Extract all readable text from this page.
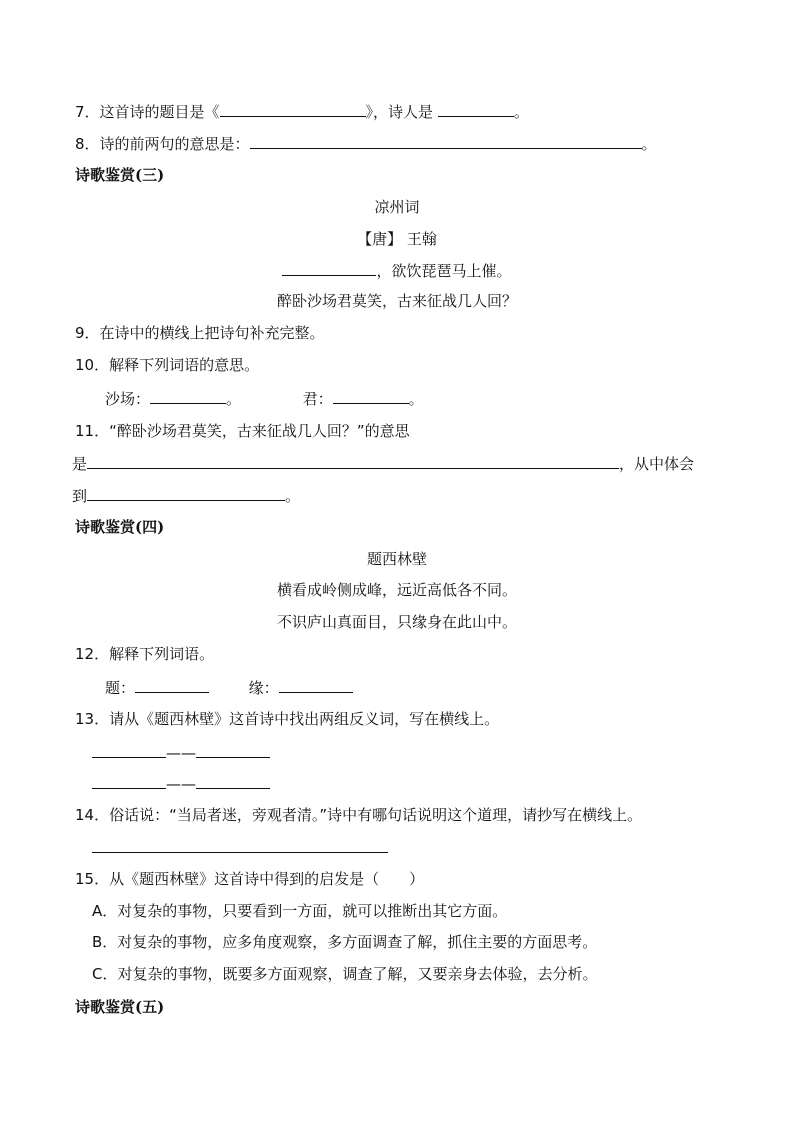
7．这首诗的题目是《	》，诗人是	。
8．诗的前两句的意思是：	。
诗歌鉴赏(三)
凉州词
【唐】 王翰
，欲饮琵琶马上催。
醉卧沙场君莫笑，古来征战几人回？
9．在诗中的横线上把诗句补充完整。
10．解释下列词语的意思。
沙场：	。	君：	。
11．“醉卧沙场君莫笑，古来征战几人回？”的意思
是	，从中体会
到	。
诗歌鉴赏(四)
题西林壁
横看成岭侧成峰，远近高低各不同。
不识庐山真面目，只缘身在此山中。
12．解释下列词语。
题：	缘：
13．请从《题西林壁》这首诗中找出两组反义词，写在横线上。
——
——
14．俗话说：“当局者迷，旁观者清。”诗中有哪句话说明这个道理，请抄写在横线上。
15．从《题西林壁》这首诗中得到的启发是（　　）
A．对复杂的事物，只要看到一方面，就可以推断出其它方面。
B．对复杂的事物，应多角度观察，多方面调查了解，抓住主要的方面思考。
C．对复杂的事物，既要多方面观察，调查了解，又要亲身去体验，去分析。
诗歌鉴赏(五)
